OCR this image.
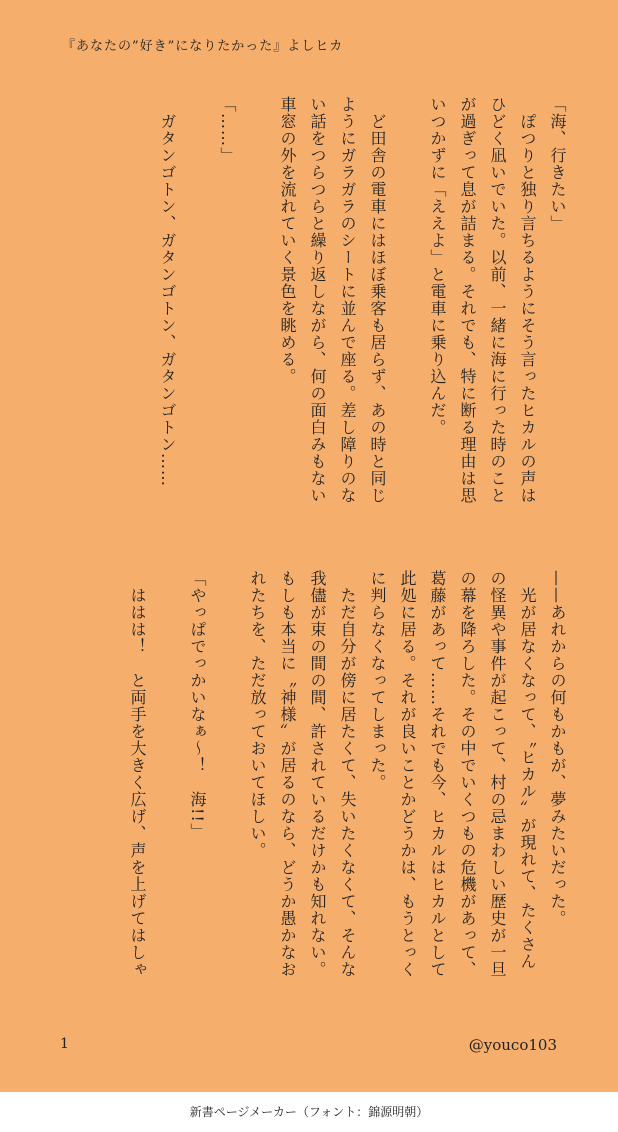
『あなたの”好き”になりたかった』よしヒカ

「海、行きたい」

　ぽつりと独り言ちるようにそう言ったヒカルの声は

ひどく凪いでいた。以前、一緒に海に行った時のこと

が過ぎって息が詰まる。それでも、特に断る理由は思

いつかずに「ええよ」と電車に乗り込んだ。

　ど田舎の電車にはほぼ乗客も居らず、あの時と同じ

ようにガラガラのシートに並んで座る。差し障りのな

い話をつらつらと繰り返しながら、何の面白みもない

車窓の外を流れていく景色を眺める。

「……」

　ガタンゴトン、ガタンゴトン、ガタンゴトン……

——あれからの何もかもが、夢みたいだった。

　光が居なくなって、〝ヒカル〟が現れて、たくさん

の怪異や事件が起こって、村の忌まわしい歴史が一旦

の幕を降ろした。その中でいくつもの危機があって、

葛藤があって……それでも今、ヒカルはヒカルとして

此処に居る。それが良いことかどうかは、もうとっく

に判らなくなってしまった。

　ただ自分が傍に居たくて、失いたくなくて、そんな

我儘が束の間の間、許されているだけかも知れない。

もしも本当に〝神様〟が居るのなら、どうか愚かなお

れたちを、ただ放っておいてほしい。

「やっぱでっかいなぁ～！　海!!」

　ははは！　と両手を大きく広げ、声を上げてはしゃ

1	@youco103
新書ページメーカー（フォント：錦源明朝）
